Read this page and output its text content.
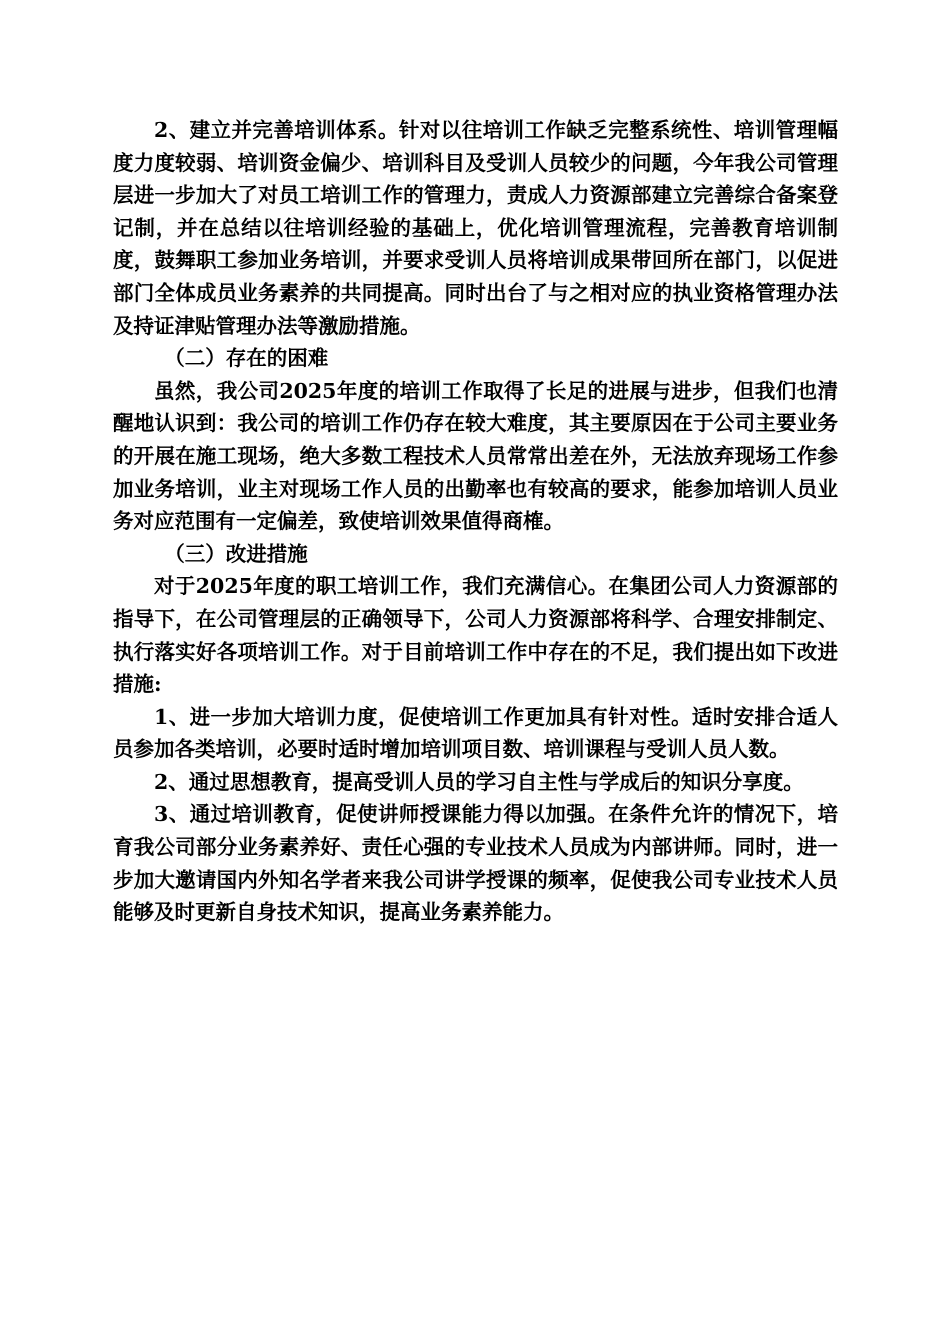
2、建立并完善培训体系。针对以往培训工作缺乏完整系统性、培训管理幅度力度较弱、培训资金偏少、培训科目及受训人员较少的问题，今年我公司管理层进一步加大了对员工培训工作的管理力，责成人力资源部建立完善综合备案登记制，并在总结以往培训经验的基础上，优化培训管理流程，完善教育培训制度，鼓舞职工参加业务培训，并要求受训人员将培训成果带回所在部门，以促进部门全体成员业务素养的共同提高。同时出台了与之相对应的执业资格管理办法及持证津贴管理办法等激励措施。

（二）存在的困难

虽然，我公司2025年度的培训工作取得了长足的进展与进步，但我们也清醒地认识到：我公司的培训工作仍存在较大难度，其主要原因在于公司主要业务的开展在施工现场，绝大多数工程技术人员常常出差在外，无法放弃现场工作参加业务培训，业主对现场工作人员的出勤率也有较高的要求，能参加培训人员业务对应范围有一定偏差，致使培训效果值得商榷。

（三）改进措施

对于2025年度的职工培训工作，我们充满信心。在集团公司人力资源部的指导下，在公司管理层的正确领导下，公司人力资源部将科学、合理安排制定、执行落实好各项培训工作。对于目前培训工作中存在的不足，我们提出如下改进措施:

1、进一步加大培训力度，促使培训工作更加具有针对性。适时安排合适人员参加各类培训，必要时适时增加培训项目数、培训课程与受训人员人数。

2、通过思想教育，提高受训人员的学习自主性与学成后的知识分享度。

3、通过培训教育，促使讲师授课能力得以加强。在条件允许的情况下，培育我公司部分业务素养好、责任心强的专业技术人员成为内部讲师。同时，进一步加大邀请国内外知名学者来我公司讲学授课的频率，促使我公司专业技术人员能够及时更新自身技术知识，提高业务素养能力。
